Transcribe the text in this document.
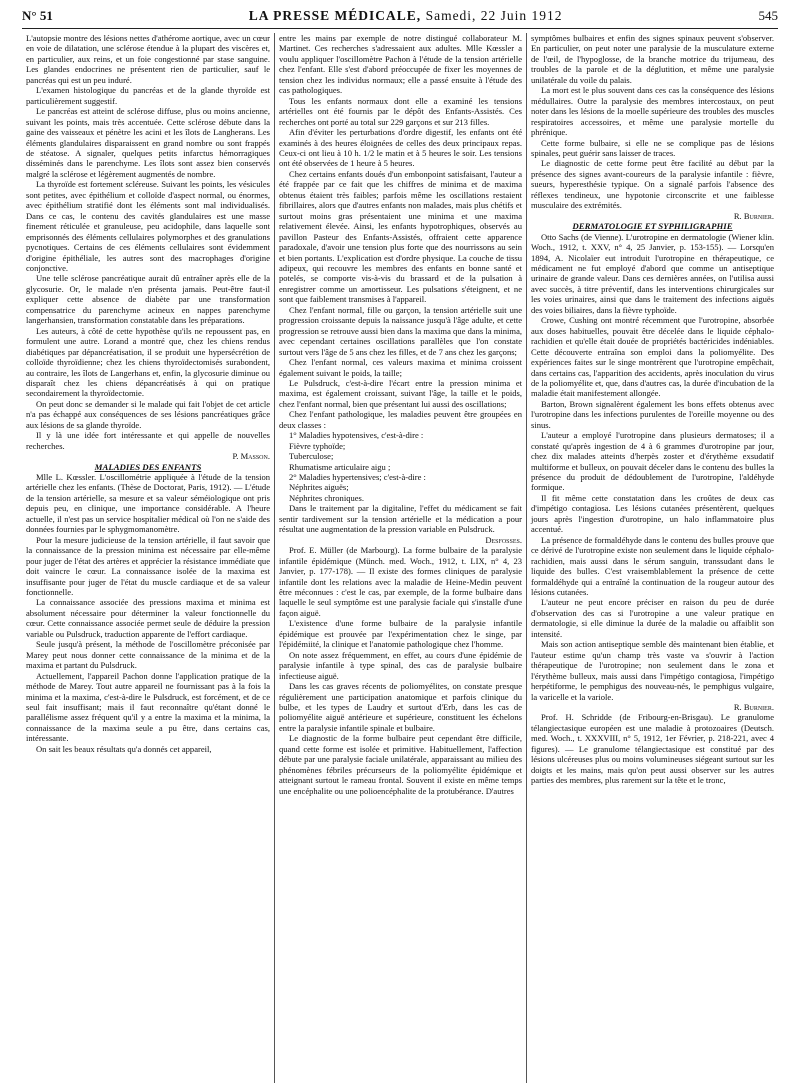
N° 51	LA PRESSE MÉDICALE, Samedi, 22 Juin 1912	545

L'autopsie montre des lésions nettes d'athérome aortique, avec un cœur en voie de dilatation, une sclérose étendue à la plupart des viscères et, en particulier, aux reins, et un foie congestionné par stase sanguine. Les glandes endocrines ne présentent rien de particulier, sauf le pancréas qui est un peu induré.

L'examen histologique du pancréas et de la glande thyroïde est particulièrement suggestif.

Le pancréas est atteint de sclérose diffuse, plus ou moins ancienne, suivant les points, mais très accentuée. Cette sclérose débute dans la gaine des vaisseaux et pénètre les acini et les îlots de Langherans. Les éléments glandulaires disparaissent en grand nombre ou sont frappés de stéatose. A signaler, quelques petits infarctus hémorragiques disséminés dans le parenchyme. Les îlots sont assez bien conservés malgré la sclérose et légèrement augmentés de nombre.

La thyroïde est fortement scléreuse. Suivant les points, les vésicules sont petites, avec épithélium et colloïde d'aspect normal, ou énormes, avec épithélium stratifié dont les éléments sont mal individualisés. Dans ce cas, le contenu des cavités glandulaires est une masse finement réticulée et granuleuse, peu acidophile, dans laquelle sont emprisonnés des éléments cellulaires polymorphes et des granulations pycnotiques. Certains de ces éléments cellulaires sont évidemment d'origine épithéliale, les autres sont des macrophages d'origine conjonctive.

Une telle sclérose pancréatique aurait dû entraîner après elle de la glycosurie. Or, le malade n'en présenta jamais. Peut-être faut-il expliquer cette absence de diabète par une transformation compensatrice du parenchyme acineux en nappes parenchyme langerhansien, transformation constatable dans les préparations.

Les auteurs, à côté de cette hypothèse qu'ils ne repoussent pas, en formulent une autre. Lorand a montré que, chez les chiens rendus diabétiques par dépancréatisation, il se produit une hypersécrétion de colloïde thyroïdienne; chez les chiens thyroïdectomisés surabondent, au contraire, les îlots de Langerhans et, enfin, la glycosurie diminue ou disparaît chez les chiens dépancréatisés à qui on pratique secondairement la thyroïdectomie.

On peut donc se demander si le malade qui fait l'objet de cet article n'a pas échappé aux conséquences de ses lésions pancréatiques grâce aux lésions de sa glande thyroïde.

Il y là une idée fort intéressante et qui appelle de nouvelles recherches.

P. Masson.

MALADIES DES ENFANTS

Mlle L. Kœssler. L'oscillométrie appliquée à l'étude de la tension artérielle chez les enfants. (Thèse de Doctorat, Paris, 1912). — L'étude de la tension artérielle, sa mesure et sa valeur séméiologique ont pris depuis peu, en clinique, une importance considérable. A l'heure actuelle, il n'est pas un service hospitalier médical où l'on ne s'aide des données fournies par le sphygmomanomètre.

Pour la mesure judicieuse de la tension artérielle, il faut savoir que la connaissance de la pression minima est nécessaire par elle-même pour juger de l'état des artères et apprécier la résistance immédiate que doit vaincre le cœur. La connaissance isolée de la maxima est insuffisante pour juger de l'état du muscle cardiaque et de sa valeur fonctionnelle.

La connaissance associée des pressions maxima et minima est absolument nécessaire pour déterminer la valeur fonctionnelle du cœur. Cette connaissance associée permet seule de déduire la pression variable ou Pulsdruck, traduction apparente de l'effort cardiaque.

Seule jusqu'à présent, la méthode de l'oscillomètre préconisée par Marey peut nous donner cette connaissance de la minima et de la maxima et partant du Pulsdruck.

Actuellement, l'appareil Pachon donne l'application pratique de la méthode de Marey. Tout autre appareil ne fournissant pas à la fois la minima et la maxima, c'est-à-dire le Pulsdruck, est forcément, et de ce seul fait insuffisant; mais il faut reconnaître qu'étant donné le parallélisme assez fréquent qu'il y a entre la maxima et la minima, la connaissance de la maxima seule a pu être, dans certains cas, intéressante.

On sait les beaux résultats qu'a donnés cet appareil,

entre les mains par exemple de notre distingué collaborateur M. Martinet. Ces recherches s'adressaient aux adultes. Mlle Kœssler a voulu appliquer l'oscillomètre Pachon à l'étude de la tension artérielle chez l'enfant. Elle s'est d'abord préoccupée de fixer les moyennes de tension chez les individus normaux; elle a passé ensuite à l'étude des cas pathologiques.

Tous les enfants normaux dont elle a examiné les tensions artérielles ont été fournis par le dépôt des Enfants-Assistés. Ces recherches ont porté au total sur 229 garçons et sur 213 filles.

Afin d'éviter les perturbations d'ordre digestif, les enfants ont été examinés à des heures éloignées de celles des deux principaux repas. Ceux-ci ont lieu à 10 h. 1/2 le matin et à 5 heures le soir. Les tensions ont été observées de 1 heure à 5 heures.

Chez certains enfants doués d'un embonpoint satisfaisant, l'auteur a été frappée par ce fait que les chiffres de minima et de maxima obtenus étaient très faibles; parfois même les oscillations restaient fibrillaires, alors que d'autres enfants non malades, mais plus chétifs et surtout moins gras présentaient une minima et une maxima relativement élevée. Ainsi, les enfants hypotrophiques, observés au pavillon Pasteur des Enfants-Assistés, offraient cette apparence paradoxale, d'avoir une tension plus forte que des nourrissons au sein et bien portants. L'explication est d'ordre physique. La couche de tissu adipeux, qui recouvre les membres des enfants en bonne santé et potelés, se comporte vis-à-vis du brassard et de la pulsation à enregistrer comme un amortisseur. Les pulsations s'éteignent, et ne sont que faiblement transmises à l'appareil.

Chez l'enfant normal, fille ou garçon, la tension artérielle suit une progression croissante depuis la naissance jusqu'à l'âge adulte, et cette progression se retrouve aussi bien dans la maxima que dans la minima, avec cependant certaines oscillations parallèles que l'on constate surtout vers l'âge de 5 ans chez les filles, et de 7 ans chez les garçons;

Chez l'enfant normal, ces valeurs maxima et minima croissent également suivant le poids, la taille;

Le Pulsdruck, c'est-à-dire l'écart entre la pression minima et maxima, est également croissant, suivant l'âge, la taille et le poids, chez l'enfant normal, bien que présentant lui aussi des oscillations;

Chez l'enfant pathologique, les maladies peuvent être groupées en deux classes :

1° Maladies hypotensives, c'est-à-dire :
Fièvre typhoïde;
Tuberculose;
Rhumatisme articulaire aigu ;
2° Maladies hypertensives; c'est-à-dire :
Néphrites aiguës;
Néphrites chroniques.

Dans le traitement par la digitaline, l'effet du médicament se fait sentir tardivement sur la tension artérielle et la médication a pour résultat une augmentation de la pression variable en Pulsdruck.

Desfosses.

Prof. E. Müller (de Marbourg). La forme bulbaire de la paralysie infantile épidémique (Münch. med. Woch., 1912, t. LIX, n° 4, 23 Janvier, p. 177-178). — Il existe des formes cliniques de paralysie infantile dont les relations avec la maladie de Heine-Medin peuvent être méconnues : c'est le cas, par exemple, de la forme bulbaire dans laquelle le seul symptôme est une paralysie faciale qui s'installe d'une façon aiguë.

L'existence d'une forme bulbaire de la paralysie infantile épidémique est prouvée par l'expérimentation chez le singe, par l'épidémiité, la clinique et l'anatomie pathologique chez l'homme.

On note assez fréquemment, en effet, au cours d'une épidémie de paralysie infantile à type spinal, des cas de paralysie bulbaire infectieuse aiguë.

Dans les cas graves récents de poliomyélites, on constate presque régulièrement une participation anatomique et parfois clinique du bulbe, et les types de Laudry et surtout d'Erb, dans les cas de poliomyélite aiguë antérieure et supérieure, constituent les échelons entre la paralysie infantile spinale et bulbaire.

Le diagnostic de la forme bulbaire peut cependant être difficile, quand cette forme est isolée et primitive. Habituellement, l'affection débute par une paralysie faciale unilatérale, apparaissant au milieu des phénomènes fébriles précurseurs de la poliomyélite épidémique et atteignant surtout le rameau frontal. Souvent il existe en même temps une encéphalite ou une polioencéphalite de la protubérance. D'autres

symptômes bulbaires et enfin des signes spinaux peuvent s'observer. En particulier, on peut noter une paralysie de la musculature externe de l'œil, de l'hypoglosse, de la branche motrice du trijumeau, des troubles de la parole et de la déglutition, et même une paralysie unilatérale du voile du palais.

La mort est le plus souvent dans ces cas la conséquence des lésions médullaires. Outre la paralysie des membres intercostaux, on peut noter dans les lésions de la moelle supérieure des troubles des muscles respiratoires accessoires, et même une paralysie mortelle du phrénique.

Cette forme bulbaire, si elle ne se complique pas de lésions spinales, peut guérir sans laisser de traces.

Le diagnostic de cette forme peut être facilité au début par la présence des signes avant-coureurs de la paralysie infantile : fièvre, sueurs, hyperesthésie typique. On a signalé parfois l'absence des réflexes tendineux, une hypotonie circonscrite et une faiblesse musculaire des extrémités.

R. Burnier.

DERMATOLOGIE ET SYPHILIGRAPHIE

Otto Sachs (de Vienne). L'urotropine en dermatologie (Wiener klin. Woch., 1912, t. XXV, n° 4, 25 Janvier, p. 153-155). — Lorsqu'en 1894, A. Nicolaïer eut introduit l'urotropine en thérapeutique, ce médicament ne fut employé d'abord que comme un antiseptique urinaire de grande valeur. Dans ces dernières années, on l'utilisa aussi avec succès, à titre préventif, dans les interventions chirurgicales sur les voies urinaires, ainsi que dans le traitement des infections aiguës des voies biliaires, dans la fièvre typhoïde.

Crowe, Cushing ont montré récemment que l'urotropine, absorbée aux doses habituelles, pouvait être décelée dans le liquide céphalo-rachidien et qu'elle était douée de propriétés bactéricides indéniables. Cette découverte entraîna son emploi dans la poliomyélite. Des expériences faites sur le singe montrèrent que l'urotropine empêchait, dans certains cas, l'apparition des accidents, après inoculation du virus de la poliomyélite et, que, dans d'autres cas, la durée d'incubation de la maladie était manifestement allongée.

Barton, Brown signalèrent également les bons effets obtenus avec l'urotropine dans les infections purulentes de l'oreille moyenne ou des sinus.

L'auteur a employé l'urotropine dans plusieurs dermatoses; il a constaté qu'après ingestion de 4 à 6 grammes d'urotropine par jour, chez dix malades atteints d'herpès zoster et d'érythème exsudatif multiforme et bulleux, on pouvait déceler dans le contenu des bulles la présence du produit de dédoublement de l'urotropine, l'aldéhyde formique.

Il fit même cette constatation dans les croûtes de deux cas d'impétigo contagiosa. Les lésions cutanées présentèrent, quelques jours après l'ingestion d'urotropine, un halo inflammatoire plus accentué.

La présence de formaldéhyde dans le contenu des bulles prouve que ce dérivé de l'urotropine existe non seulement dans le liquide céphalo-rachidien, mais aussi dans le sérum sanguin, transsudant dans le liquide des bulles. C'est vraisemblablement la présence de cette formaldéhyde qui a entraîné la continuation de la rougeur autour des lésions cutanées.

L'auteur ne peut encore préciser en raison du peu de durée d'observation des cas si l'urotropine a une valeur pratique en dermatologie, si elle diminue la durée de la maladie ou affaiblit son intensité.

Mais son action antiseptique semble dès maintenant bien établie, et l'auteur estime qu'un champ très vaste va s'ouvrir à l'action thérapeutique de l'urotropine; non seulement dans le zona et l'érythème bulleux, mais aussi dans l'impétigo contagiosa, l'impétigo herpétiforme, le pemphigus des nouveau-nés, le pemphigus vulgaire, la varicelle et la variole.

R. Burnier.

Prof. H. Schridde (de Fribourg-en-Brisgau). Le granulome télangiectasique européen est une maladie à protozoaires (Deutsch. med. Woch., t. XXXVIII, n° 5, 1912, 1er Février, p. 218-221, avec 4 figures). — Le granulome télangiectasique est constitué par des lésions ulcéreuses plus ou moins volumineuses siégeant surtout sur les doigts et les mains, mais qu'on peut aussi observer sur les autres parties des membres, plus rarement sur la tête et le tronc,
